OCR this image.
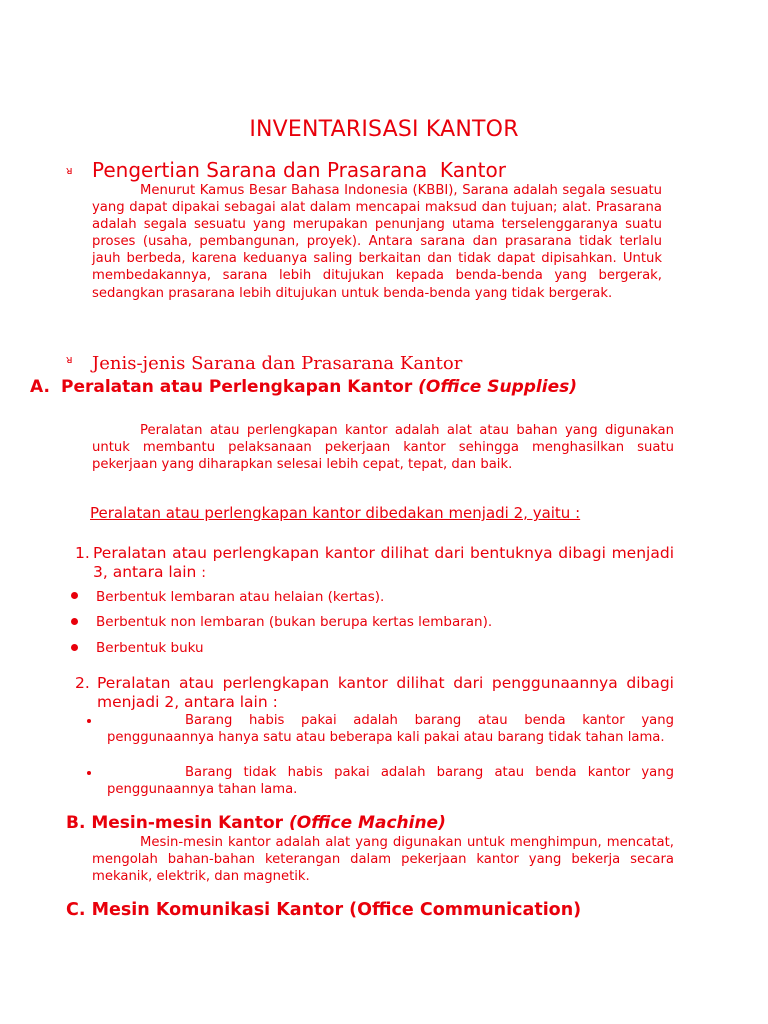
INVENTARISASI KANTOR
ᴚ Pengertian Sarana dan Prasarana  Kantor

Menurut Kamus Besar Bahasa Indonesia (KBBI), Sarana adalah segala sesuatu yang dapat dipakai sebagai alat dalam mencapai maksud dan tujuan; alat. Prasarana adalah segala sesuatu yang merupakan penunjang utama terselenggaranya suatu proses (usaha, pembangunan, proyek). Antara sarana dan prasarana tidak terlalu jauh berbeda, karena keduanya saling berkaitan dan tidak dapat dipisahkan. Untuk membedakannya, sarana lebih ditujukan kepada benda-benda yang bergerak, sedangkan prasarana lebih ditujukan untuk benda-benda yang tidak bergerak.

ᴚ Jenis-jenis Sarana dan Prasarana Kantor
A. Peralatan atau Perlengkapan Kantor (Office Supplies)

Peralatan atau perlengkapan kantor adalah alat atau bahan yang digunakan untuk membantu pelaksanaan pekerjaan kantor sehingga menghasilkan suatu pekerjaan yang diharapkan selesai lebih cepat, tepat, dan baik.

Peralatan atau perlengkapan kantor dibedakan menjadi 2, yaitu :

1. Peralatan atau perlengkapan kantor dilihat dari bentuknya dibagi menjadi 3, antara lain :

Berbentuk lembaran atau helaian (kertas).
Berbentuk non lembaran (bukan berupa kertas lembaran).
Berbentuk buku
2. Peralatan atau perlengkapan kantor dilihat dari penggunaannya dibagi menjadi 2, antara lain :

Barang habis pakai adalah barang atau benda kantor yang penggunaannya hanya satu atau beberapa kali pakai atau barang tidak tahan lama.

Barang tidak habis pakai adalah barang atau benda kantor yang penggunaannya tahan lama.

B. Mesin-mesin Kantor (Office Machine)

Mesin-mesin kantor adalah alat yang digunakan untuk menghimpun, mencatat, mengolah bahan-bahan keterangan dalam pekerjaan kantor yang bekerja secara mekanik, elektrik, dan magnetik.

C. Mesin Komunikasi Kantor (Office Communication)
